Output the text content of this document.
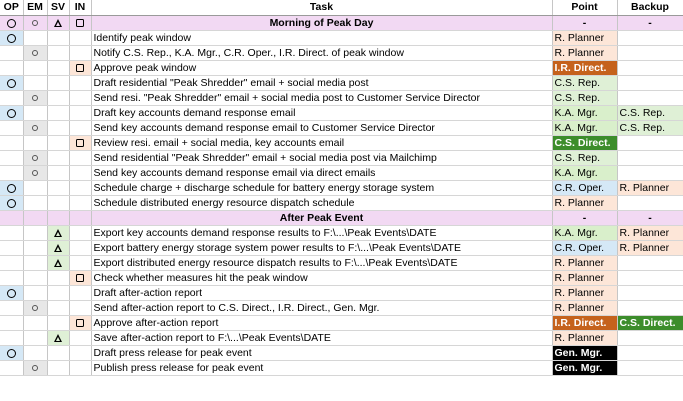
OP	EM	SV	IN	Task	Point	Backup
				Morning of Peak Day	-	-
				Identify peak window	R. Planner	
				Notify C.S. Rep., K.A. Mgr., C.R. Oper., I.R. Direct. of peak window	R. Planner	
				Approve peak window	I.R. Direct.	
				Draft residential "Peak Shredder" email + social media post	C.S. Rep.	
				Send resi. "Peak Shredder" email + social media post to Customer Service Director	C.S. Rep.	
				Draft key accounts demand response email	K.A. Mgr.	C.S. Rep.
				Send key accounts demand response email to Customer Service Director	K.A. Mgr.	C.S. Rep.
				Review resi. email + social media, key accounts email	C.S. Direct.	
				Send residential "Peak Shredder" email + social media post via Mailchimp	C.S. Rep.	
				Send key accounts demand response email via direct emails	K.A. Mgr.	
				Schedule charge + discharge schedule for battery energy storage system	C.R. Oper.	R. Planner
				Schedule distributed energy resource dispatch schedule	R. Planner	
				After Peak Event	-	-
				Export key accounts demand response results to F:\...\Peak Events\DATE	K.A. Mgr.	R. Planner
				Export battery energy storage system power results to F:\...\Peak Events\DATE	C.R. Oper.	R. Planner
				Export distributed energy resource dispatch results to F:\...\Peak Events\DATE	R. Planner	
				Check whether measures hit the peak window	R. Planner	
				Draft after-action report	R. Planner	
				Send after-action report to C.S. Direct., I.R. Direct., Gen. Mgr.	R. Planner	
				Approve after-action report	I.R. Direct.	C.S. Direct.
				Save after-action report to F:\...\Peak Events\DATE	R. Planner	
				Draft press release for peak event	Gen. Mgr.	
				Publish press release for peak event	Gen. Mgr.	
